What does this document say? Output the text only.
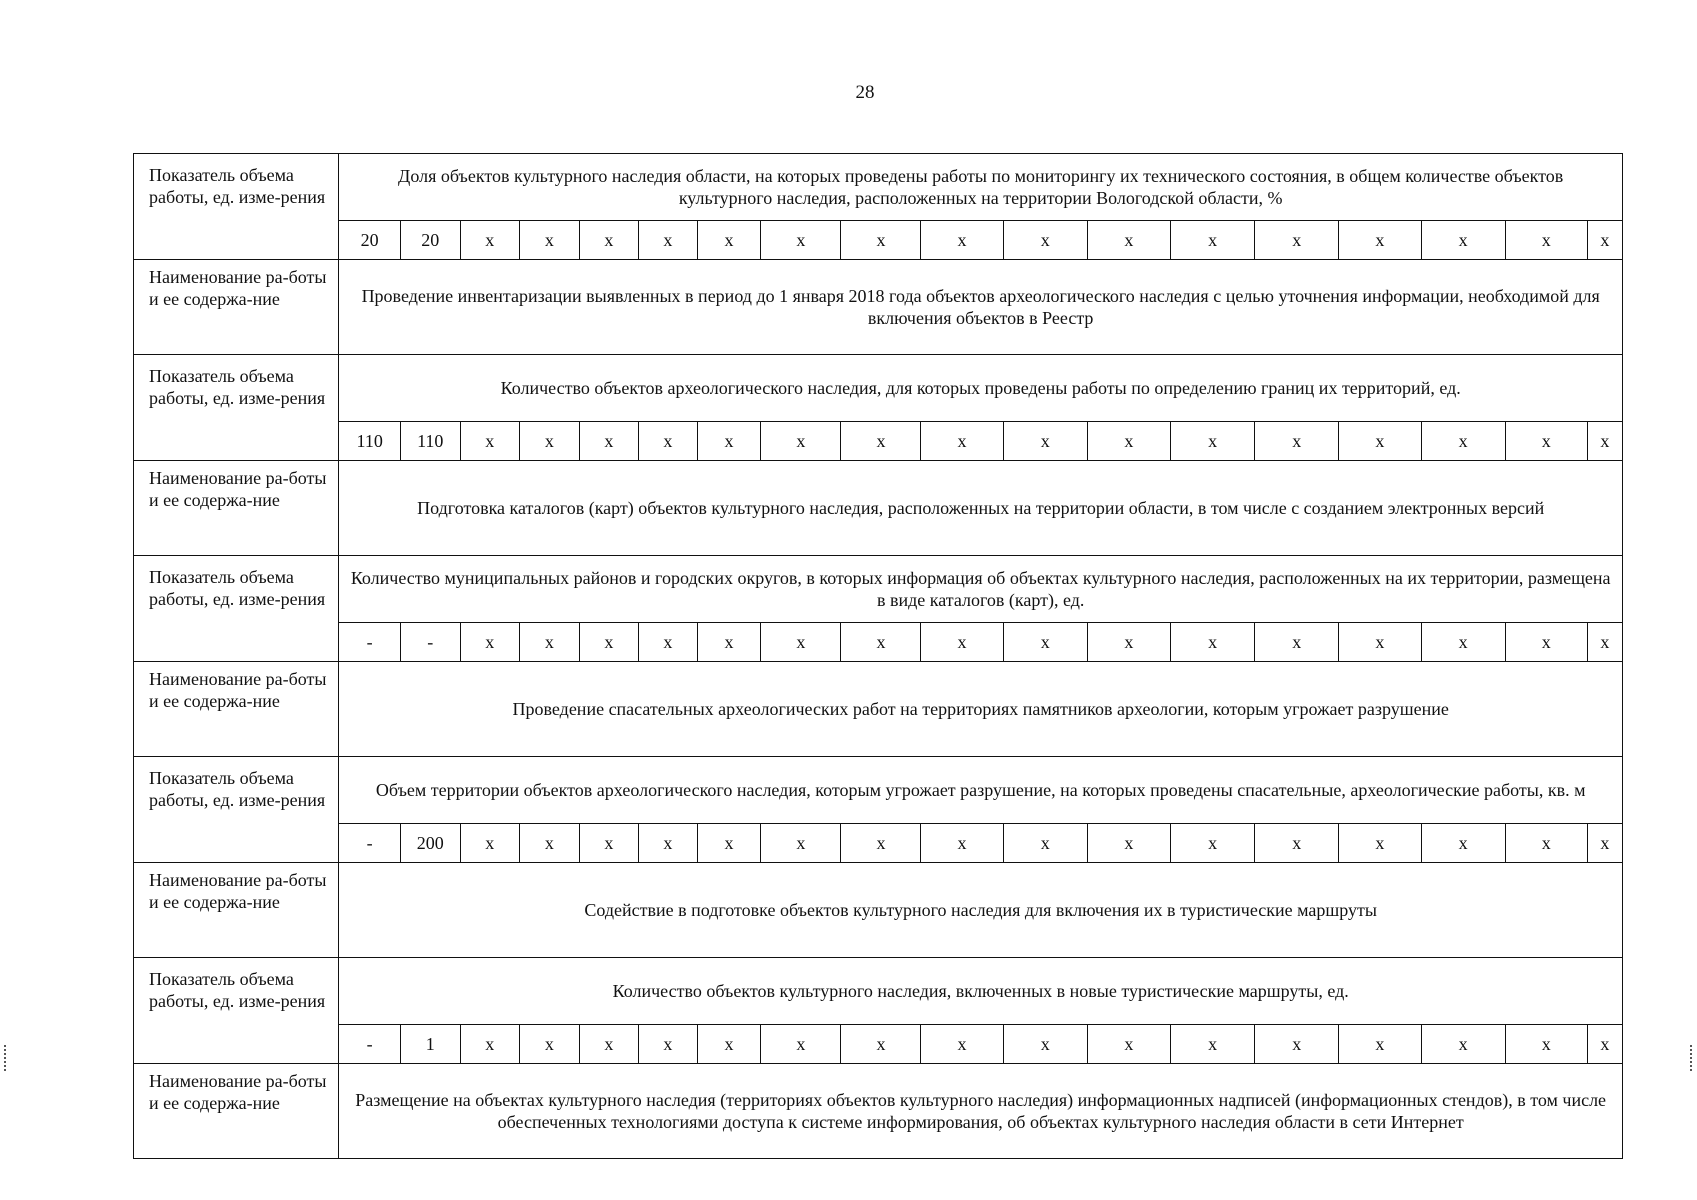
28
Показатель объема работы, ед. изме-рения	Доля объектов культурного наследия области, на которых проведены работы по мониторингу их технического состояния, в общем количестве объектов культурного наследия, расположенных на территории Вологодской области, %																	
	20	20	х	х	х	х	х	х	х	х	х	х	х	х	х	х	х	х
Наименование ра-боты и ее содержа-ние	Проведение инвентаризации выявленных в период до 1 января 2018 года объектов археологического наследия с целью уточнения информации, необходимой для включения объектов в Реестр																	
Показатель объема работы, ед. изме-рения	Количество объектов археологического наследия, для которых проведены работы по определению границ их территорий, ед.																	
	110	110	х	х	х	х	х	х	х	х	х	х	х	х	х	х	х	х
Наименование ра-боты и ее содержа-ние	Подготовка каталогов (карт) объектов культурного наследия, расположенных на территории области, в том числе с созданием электронных версий																	
Показатель объема работы, ед. изме-рения	Количество муниципальных районов и городских округов, в которых информация об объектах культурного наследия, расположенных на их территории, размещена в виде каталогов (карт), ед.																	
	-	-	х	х	х	х	х	х	х	х	х	х	х	х	х	х	х	х
Наименование ра-боты и ее содержа-ние	Проведение спасательных археологических работ на территориях памятников археологии, которым угрожает разрушение																	
Показатель объема работы, ед. изме-рения	Объем территории объектов археологического наследия, которым угрожает разрушение, на которых проведены спасательные, археологические работы, кв. м																	
	-	200	х	х	х	х	х	х	х	х	х	х	х	х	х	х	х	х
Наименование ра-боты и ее содержа-ние	Содействие в подготовке объектов культурного наследия для включения их в туристические маршруты																	
Показатель объема работы, ед. изме-рения	Количество объектов культурного наследия, включенных в новые туристические маршруты, ед.																	
	-	1	х	х	х	х	х	х	х	х	х	х	х	х	х	х	х	х
Наименование ра-боты и ее содержа-ние	Размещение на объектах культурного наследия (территориях объектов культурного наследия) информационных надписей (информационных стендов), в том числе обеспеченных технологиями доступа к системе информирования, об объектах культурного наследия области в сети Интернет																	
